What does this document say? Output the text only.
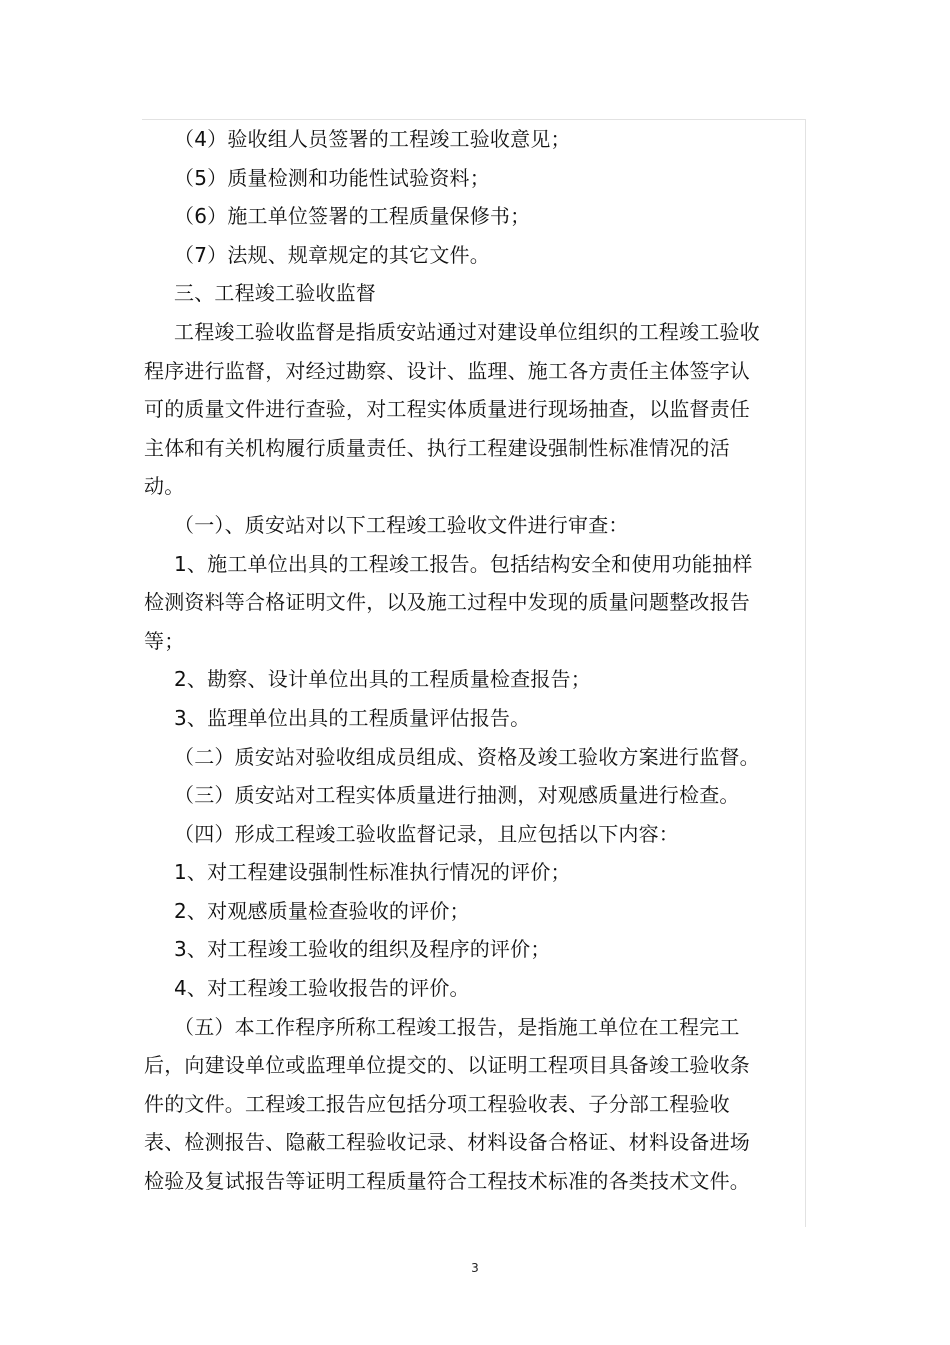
（4）验收组人员签署的工程竣工验收意见；

（5）质量检测和功能性试验资料；

（6）施工单位签署的工程质量保修书；

（7）法规、规章规定的其它文件。

三、工程竣工验收监督

工程竣工验收监督是指质安站通过对建设单位组织的工程竣工验收程序进行监督，对经过勘察、设计、监理、施工各方责任主体签字认可的质量文件进行查验，对工程实体质量进行现场抽查，以监督责任主体和有关机构履行质量责任、执行工程建设强制性标准情况的活动。

（一）、质安站对以下工程竣工验收文件进行审查：

1、施工单位出具的工程竣工报告。包括结构安全和使用功能抽样检测资料等合格证明文件，以及施工过程中发现的质量问题整改报告等；

2、勘察、设计单位出具的工程质量检查报告；

3、监理单位出具的工程质量评估报告。

（二）质安站对验收组成员组成、资格及竣工验收方案进行监督。

（三）质安站对工程实体质量进行抽测，对观感质量进行检查。

（四）形成工程竣工验收监督记录，且应包括以下内容：

1、对工程建设强制性标准执行情况的评价；

2、对观感质量检查验收的评价；

3、对工程竣工验收的组织及程序的评价；

4、对工程竣工验收报告的评价。

（五）本工作程序所称工程竣工报告，是指施工单位在工程完工后，向建设单位或监理单位提交的、以证明工程项目具备竣工验收条件的文件。工程竣工报告应包括分项工程验收表、子分部工程验收表、检测报告、隐蔽工程验收记录、材料设备合格证、材料设备进场检验及复试报告等证明工程质量符合工程技术标准的各类技术文件。

3
